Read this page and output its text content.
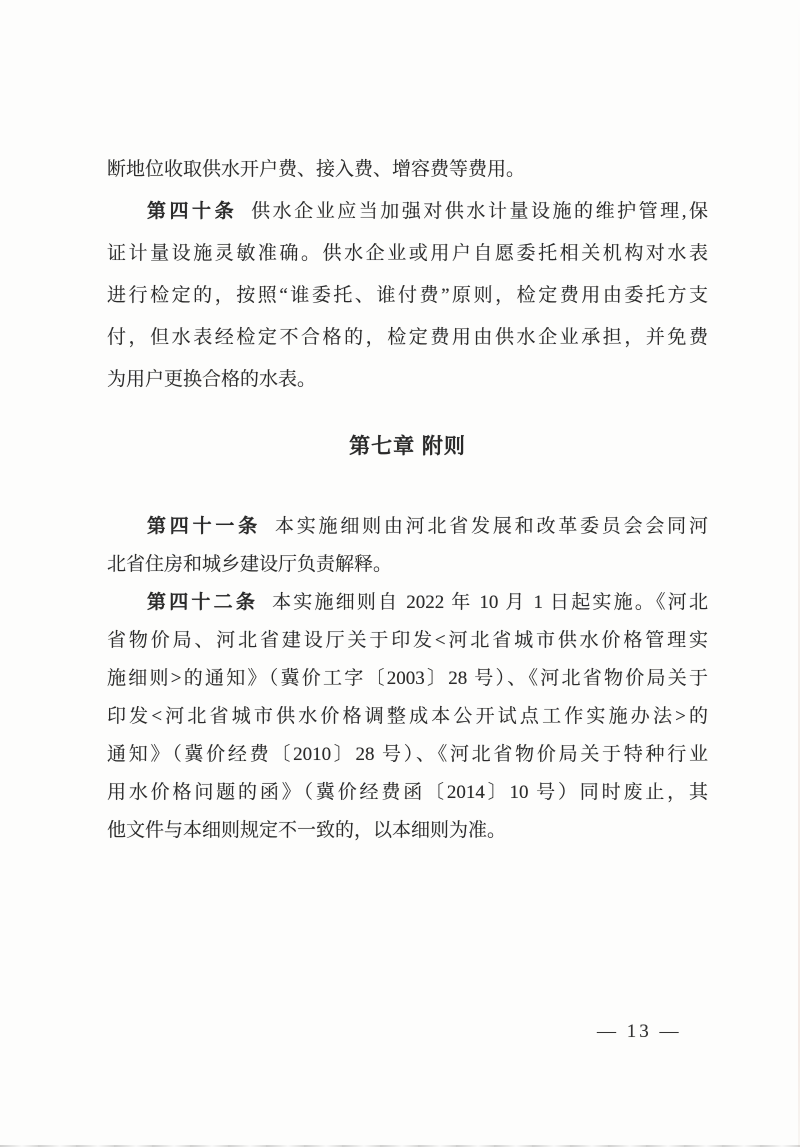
断地位收取供水开户费、接入费、增容费等费用。
第四十条 供水企业应当加强对供水计量设施的维护管理,保
证计量设施灵敏准确。供水企业或用户自愿委托相关机构对水表
进行检定的，按照“谁委托、谁付费”原则，检定费用由委托方支
付，但水表经检定不合格的，检定费用由供水企业承担，并免费
为用户更换合格的水表。
第七章 附则
第四十一条 本实施细则由河北省发展和改革委员会会同河
北省住房和城乡建设厅负责解释。
第四十二条 本实施细则自 2022 年 10 月 1 日起实施。《河北
省物价局、河北省建设厅关于印发<河北省城市供水价格管理实
施细则>的通知》（冀价工字〔2003〕28 号）、《河北省物价局关于
印发<河北省城市供水价格调整成本公开试点工作实施办法>的
通知》（冀价经费〔2010〕28 号）、《河北省物价局关于特种行业
用水价格问题的函》（冀价经费函〔2014〕10 号）同时废止，其
他文件与本细则规定不一致的，以本细则为准。
— 13 —
